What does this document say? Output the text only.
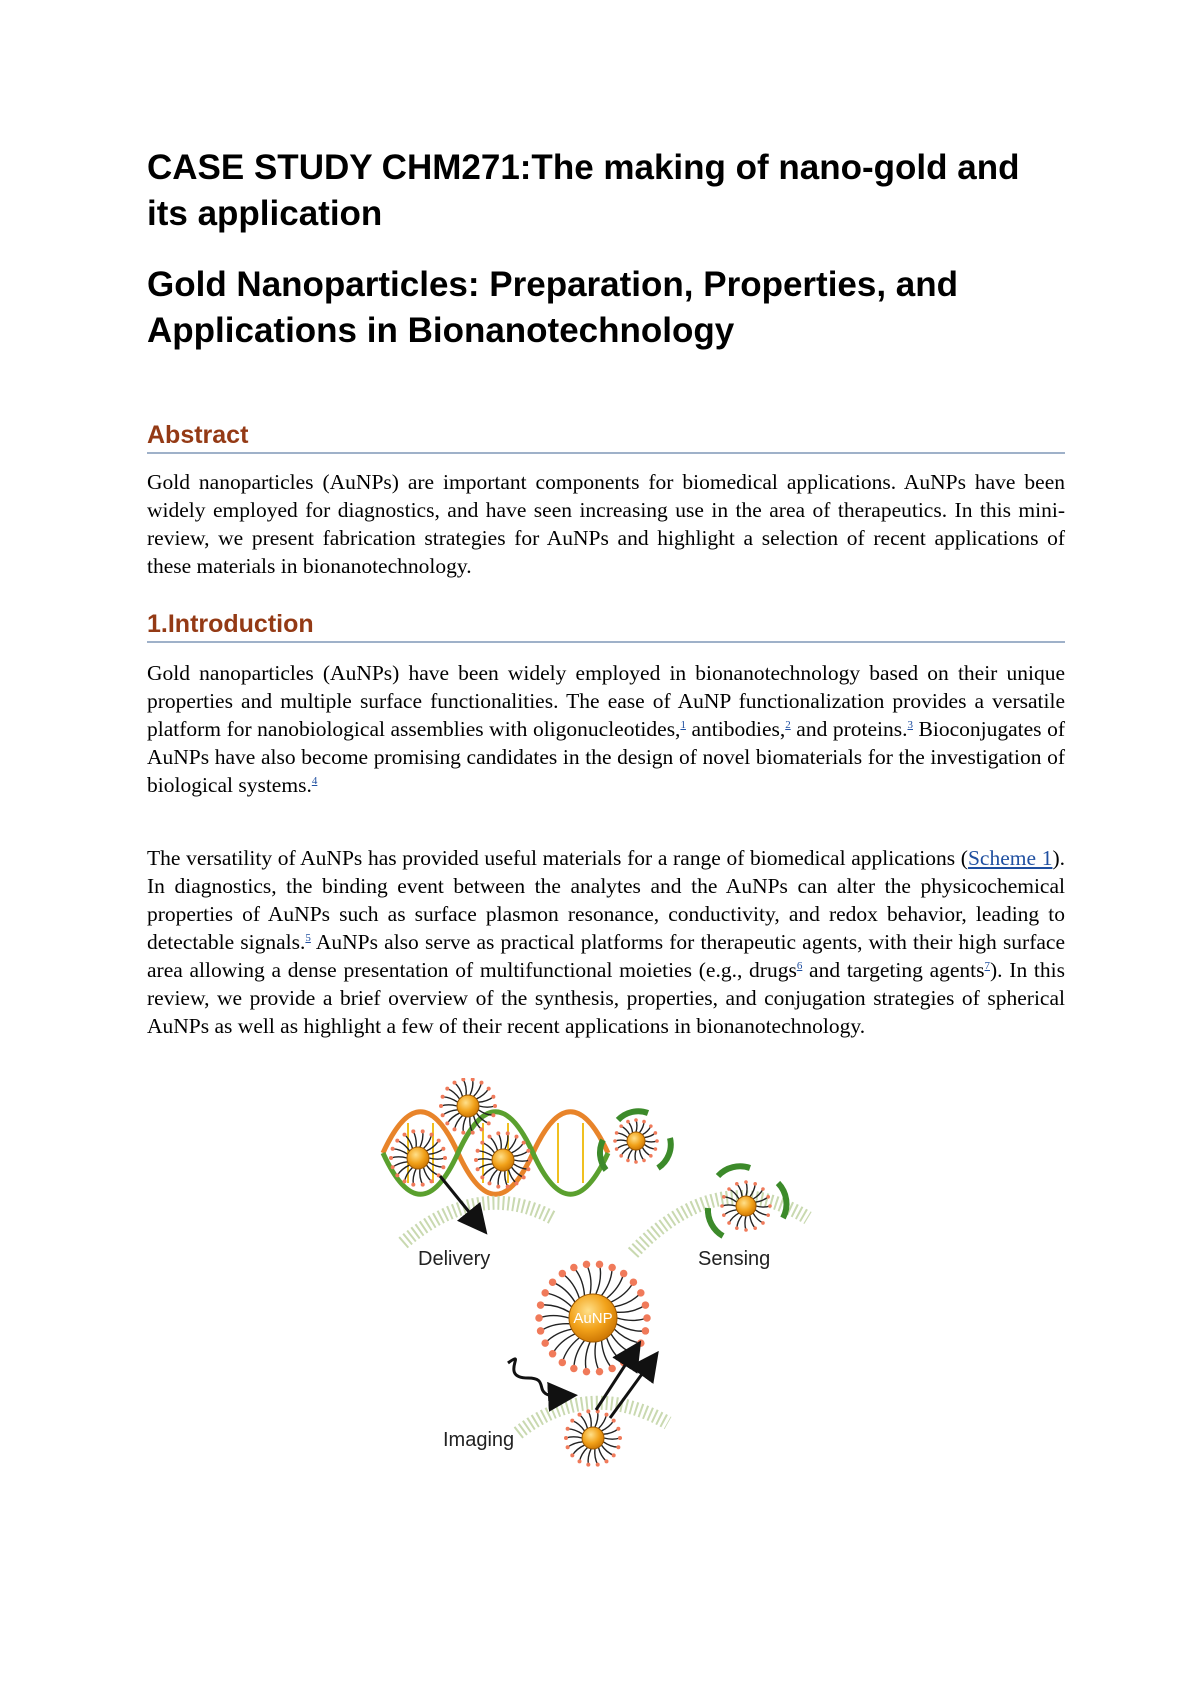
CASE STUDY CHM271:The making of nano-gold and its application
Gold Nanoparticles: Preparation, Properties, and Applications in Bionanotechnology
Abstract

Gold nanoparticles (AuNPs) are important components for biomedical applications. AuNPs have been widely employed for diagnostics, and have seen increasing use in the area of therapeutics. In this mini-review, we present fabrication strategies for AuNPs and highlight a selection of recent applications of these materials in bionanotechnology.

1.Introduction

Gold nanoparticles (AuNPs) have been widely employed in bionanotechnology based on their unique properties and multiple surface functionalities. The ease of AuNP functionalization provides a versatile platform for nanobiological assemblies with oligonucleotides,$^1$ antibodies,$^2$ and proteins.$^3$ Bioconjugates of AuNPs have also become promising candidates in the design of novel biomaterials for the investigation of biological systems.$^4$

The versatility of AuNPs has provided useful materials for a range of biomedical applications (Scheme 1). In diagnostics, the binding event between the analytes and the AuNPs can alter the physicochemical properties of AuNPs such as surface plasmon resonance, conductivity, and redox behavior, leading to detectable signals.$^5$ AuNPs also serve as practical platforms for therapeutic agents, with their high surface area allowing a dense presentation of multifunctional moieties (e.g., drugs$^6$ and targeting agents$^7$). In this review, we provide a brief overview of the synthesis, properties, and conjugation strategies of spherical AuNPs as well as highlight a few of their recent applications in bionanotechnology.

AuNP
Delivery	Sensing
Imaging
